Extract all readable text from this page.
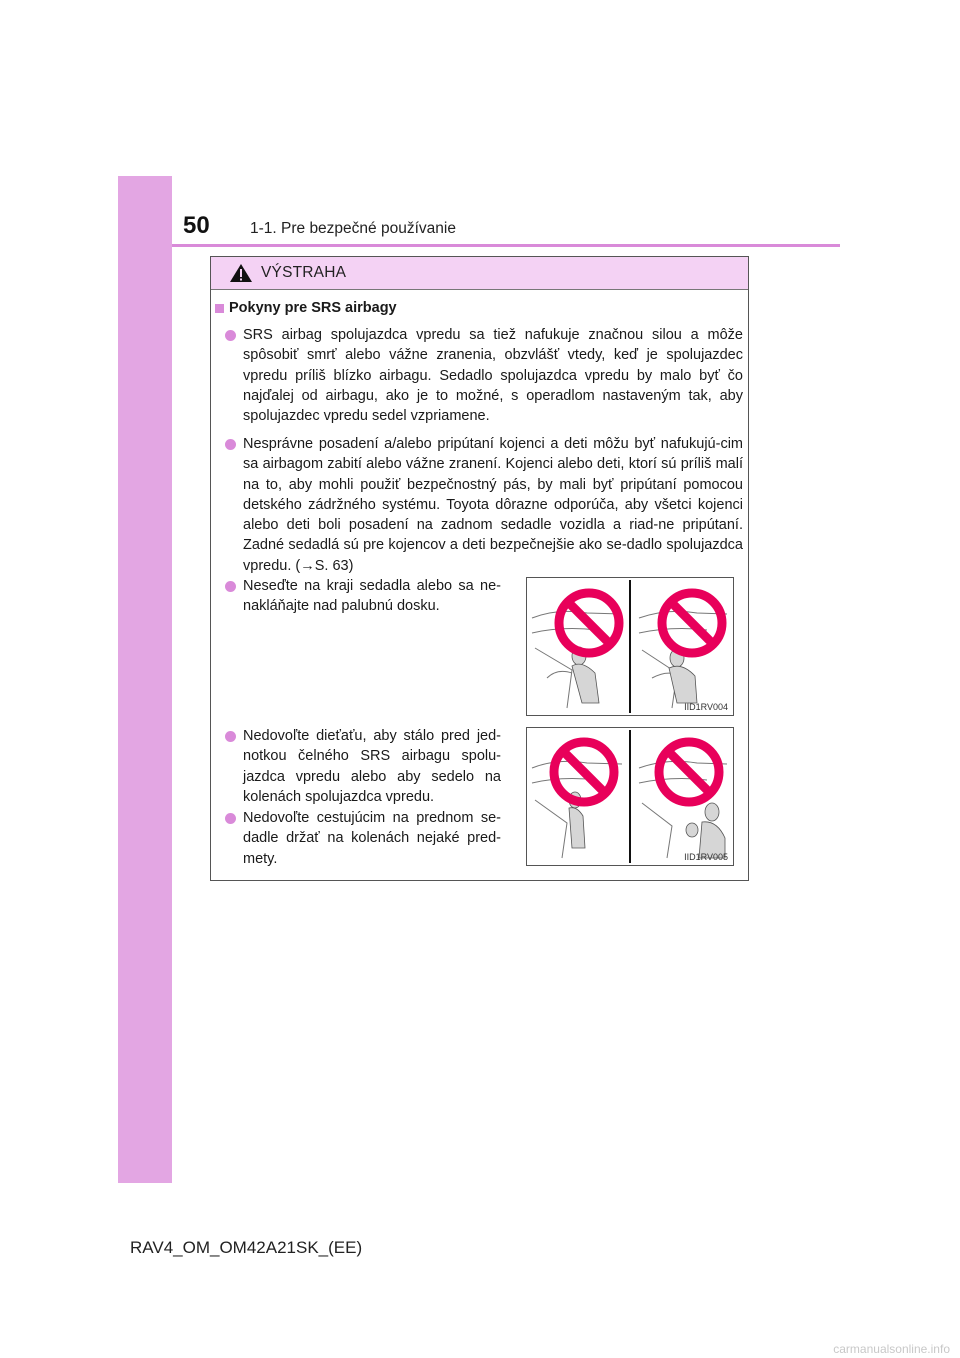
50	1-1. Pre bezpečné používanie
VÝSTRAHA
Pokyny pre SRS airbagy
SRS airbag spolujazdca vpredu sa tiež nafukuje značnou silou a môže spôsobiť smrť alebo vážne zranenia, obzvlášť vtedy, keď je spolujazdec vpredu príliš blízko airbagu. Sedadlo spolujazdca vpredu by malo byť čo najďalej od airbagu, ako je to možné, s operadlom nastaveným tak, aby spolujazdec vpredu sedel vzpriamene.
Nesprávne posadení a/alebo pripútaní kojenci a deti môžu byť nafukujú-cim sa airbagom zabití alebo vážne zranení. Kojenci alebo deti, ktorí sú príliš malí na to, aby mohli použiť bezpečnostný pás, by mali byť pripútaní pomocou detského zádržného systému. Toyota dôrazne odporúča, aby všetci kojenci alebo deti boli posadení na zadnom sedadle vozidla a riad-ne pripútaní. Zadné sedadlá sú pre kojencov a deti bezpečnejšie ako se-dadlo spolujazdca vpredu. (→S. 63)
Neseďte na kraji sedadla alebo sa ne-nakláňajte nad palubnú dosku.
Nedovoľte dieťaťu, aby stálo pred jed-notkou čelného SRS airbagu spolu-jazdca vpredu alebo aby sedelo na kolenách spolujazdca vpredu.
Nedovoľte cestujúcim na prednom se-dadle držať na kolenách nejaké pred-mety.
IID1RV004
IID1RV005
RAV4_OM_OM42A21SK_(EE)
carmanualsonline.info
